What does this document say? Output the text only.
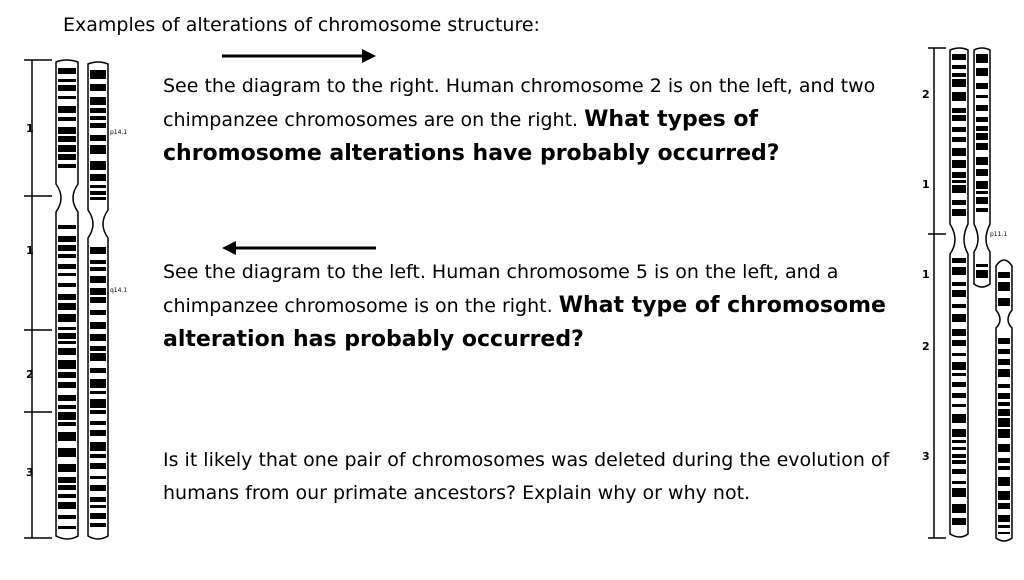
Examples of alterations of chromosome structure:
See the diagram to the right. Human chromosome 2 is on the left, and two chimpanzee chromosomes are on the right. What types of chromosome alterations have probably occurred?
See the diagram to the left. Human chromosome 5 is on the left, and a chimpanzee chromosome is on the right. What type of chromosome alteration has probably occurred?
Is it likely that one pair of chromosomes was deleted during the evolution of humans from our primate ancestors? Explain why or why not.
1
1
2
3
p14.1
q14.1
2
1
1
2
3
p11.1
